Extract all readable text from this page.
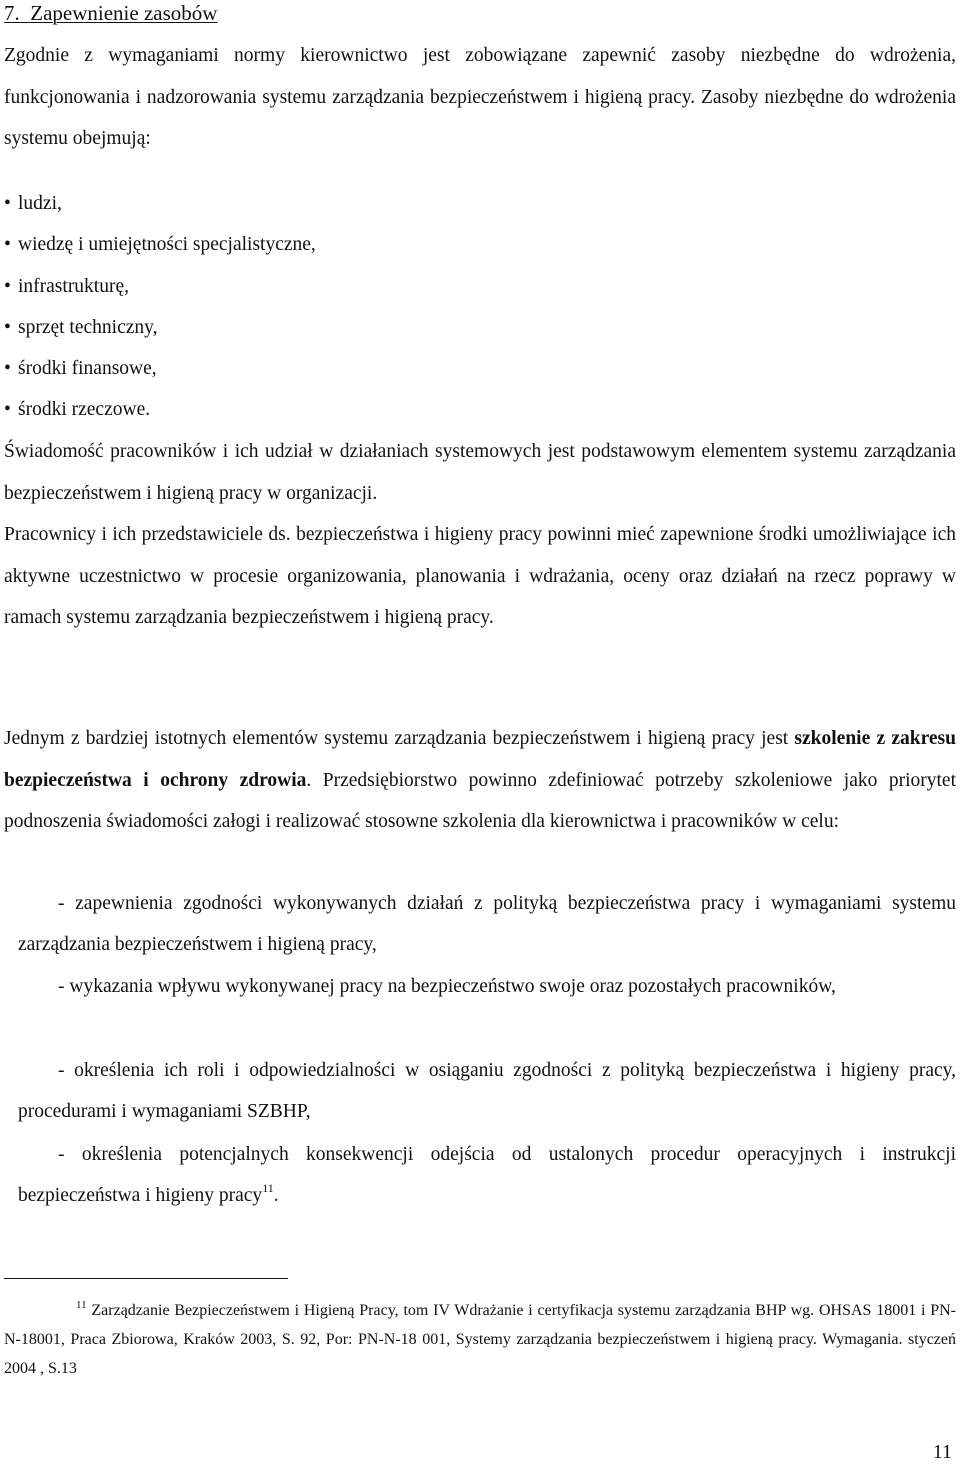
7. Zapewnienie zasobów

Zgodnie z wymaganiami normy kierownictwo jest zobowiązane zapewnić zasoby niezbędne do wdrożenia, funkcjonowania i nadzorowania systemu zarządzania bezpieczeństwem i higieną pracy. Zasoby niezbędne do wdrożenia systemu obejmują:

• ludzi,
• wiedzę i umiejętności specjalistyczne,
• infrastrukturę,
• sprzęt techniczny,
• środki finansowe,
• środki rzeczowe.

Świadomość pracowników i ich udział w działaniach systemowych jest podstawowym elementem systemu zarządzania bezpieczeństwem i higieną pracy w organizacji.

Pracownicy i ich przedstawiciele ds. bezpieczeństwa i higieny pracy powinni mieć zapewnione środki umożliwiające ich aktywne uczestnictwo w procesie organizowania, planowania i wdrażania, oceny oraz działań na rzecz poprawy w ramach systemu zarządzania bezpieczeństwem i higieną pracy.

Jednym z bardziej istotnych elementów systemu zarządzania bezpieczeństwem i higieną pracy jest szkolenie z zakresu bezpieczeństwa i ochrony zdrowia. Przedsiębiorstwo powinno zdefiniować potrzeby szkoleniowe jako priorytet podnoszenia świadomości załogi i realizować stosowne szkolenia dla kierownictwa i pracowników w celu:

- zapewnienia zgodności wykonywanych działań z polityką bezpieczeństwa pracy i wymaganiami systemu zarządzania bezpieczeństwem i higieną pracy,

- wykazania wpływu wykonywanej pracy na bezpieczeństwo swoje oraz pozostałych pracowników,

- określenia ich roli i odpowiedzialności w osiąganiu zgodności z polityką bezpieczeństwa i higieny pracy, procedurami i wymaganiami SZBHP,

- określenia potencjalnych konsekwencji odejścia od ustalonych procedur operacyjnych i instrukcji bezpieczeństwa i higieny pracy$^{11}$.

$^{11}$ Zarządzanie Bezpieczeństwem i Higieną Pracy, tom IV Wdrażanie i certyfikacja systemu zarządzania BHP wg. OHSAS 18001 i PN-N-18001, Praca Zbiorowa, Kraków 2003, S. 92, Por: PN-N-18 001, Systemy zarządzania bezpieczeństwem i higieną pracy. Wymagania. styczeń 2004 , S.13

11
